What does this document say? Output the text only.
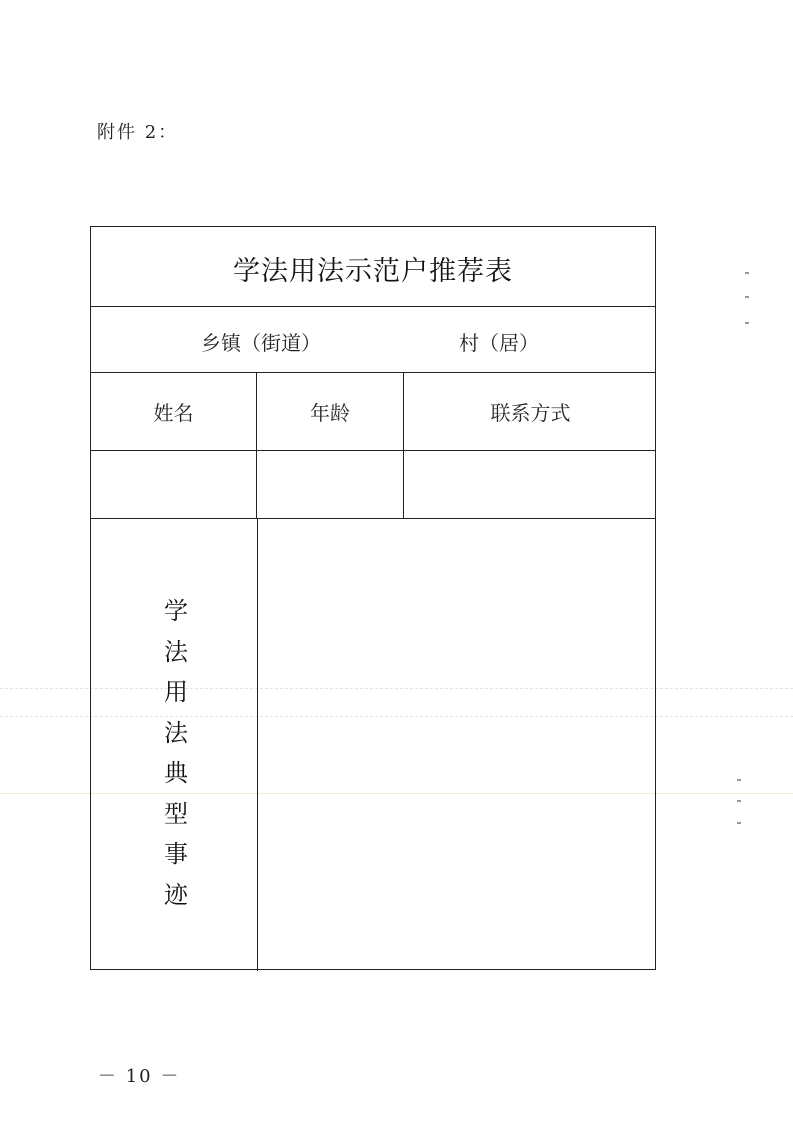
附件 2：
学法用法示范户推荐表
乡镇（街道）	村（居）
姓名	年龄	联系方式
学法用法典型事迹
－ 10 －
